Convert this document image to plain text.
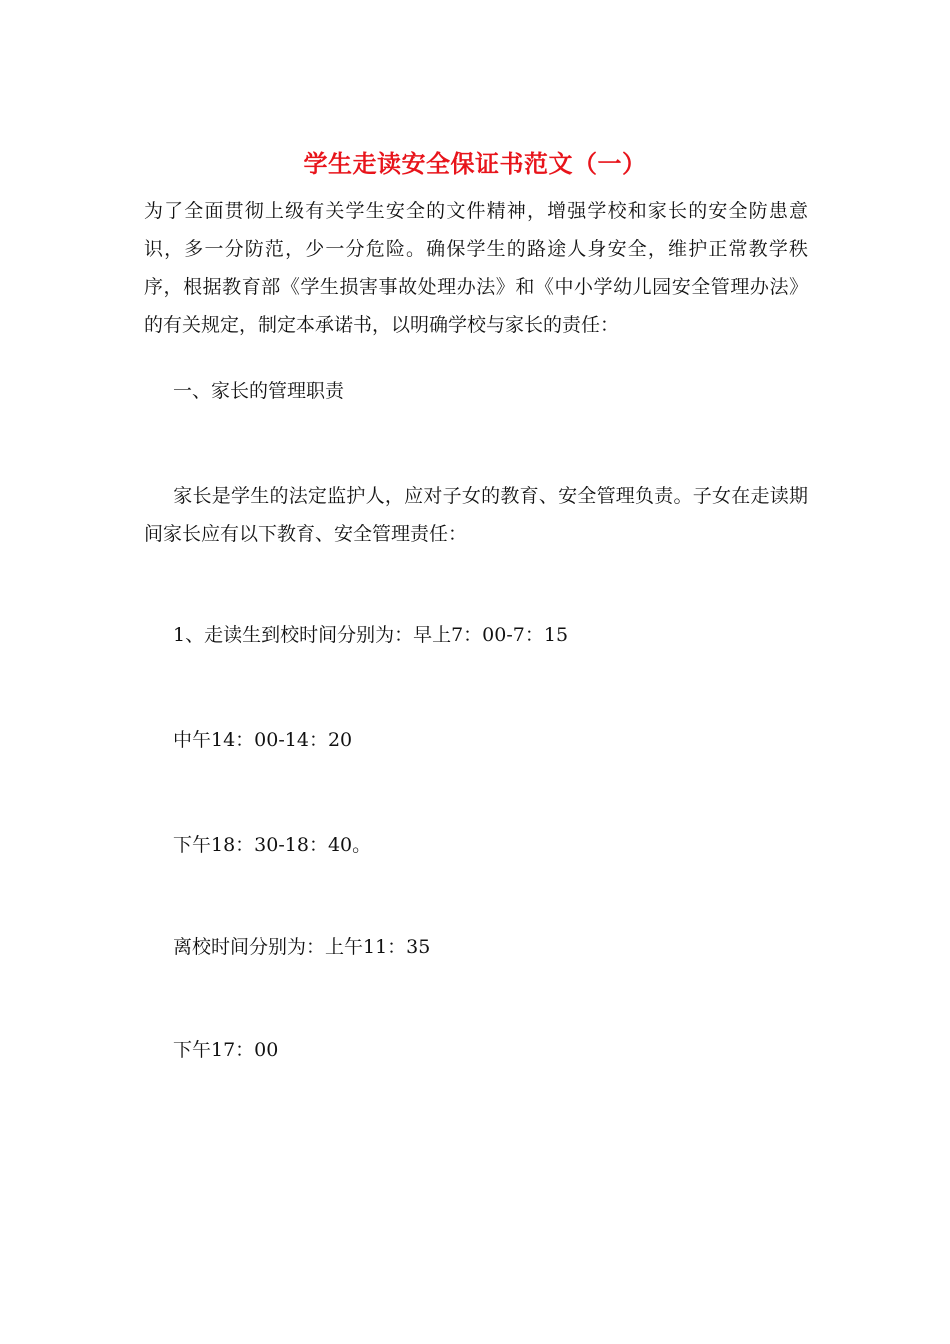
学生走读安全保证书范文（一）

为了全面贯彻上级有关学生安全的文件精神，增强学校和家长的安全防患意识，多一分防范，少一分危险。确保学生的路途人身安全，维护正常教学秩序，根据教育部《学生损害事故处理办法》和《中小学幼儿园安全管理办法》的有关规定，制定本承诺书，以明确学校与家长的责任：

一、家长的管理职责

家长是学生的法定监护人，应对子女的教育、安全管理负责。子女在走读期间家长应有以下教育、安全管理责任：

1、走读生到校时间分别为：早上7：00-7：15

中午14：00-14：20

下午18：30-18：40。

离校时间分别为：上午11：35

下午17：00
